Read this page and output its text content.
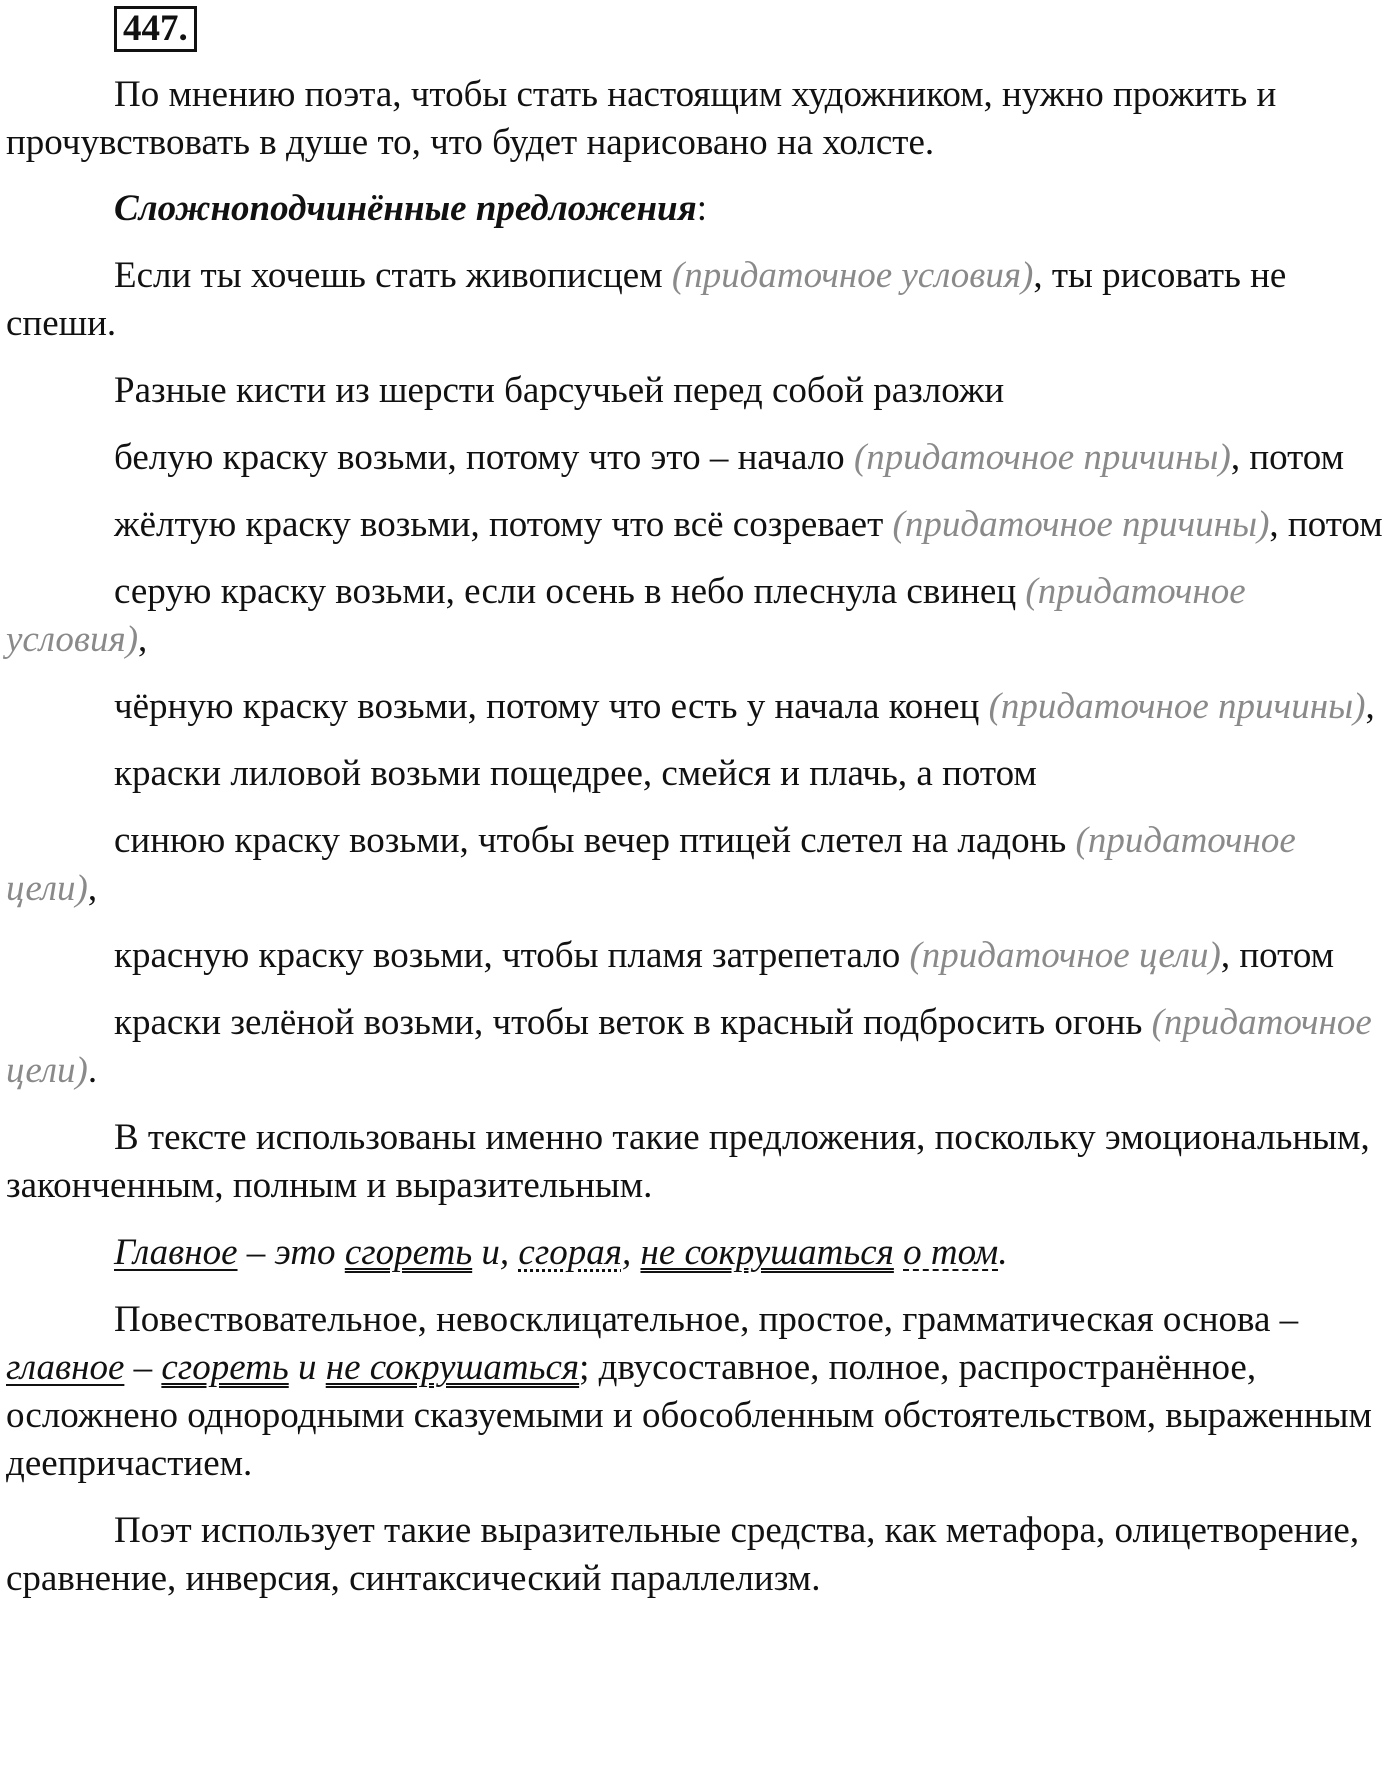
447.

По мнению поэта, чтобы стать настоящим художником, нужно прожить и прочувствовать в душе то, что будет нарисовано на холсте.

Сложноподчинённые предложения:

Если ты хочешь стать живописцем (придаточное условия), ты рисовать не спеши.

Разные кисти из шерсти барсучьей перед собой разложи

белую краску возьми, потому что это – начало (придаточное причины), потом

жёлтую краску возьми, потому что всё созревает (придаточное причины), потом

серую краску возьми, если осень в небо плеснула свинец (придаточное условия),

чёрную краску возьми, потому что есть у начала конец (придаточное причины),

краски лиловой возьми пощедрее, смейся и плачь, а потом

синюю краску возьми, чтобы вечер птицей слетел на ладонь (придаточное цели),

красную краску возьми, чтобы пламя затрепетало (придаточное цели), потом

краски зелёной возьми, чтобы веток в красный подбросить огонь (придаточное цели).

В тексте использованы именно такие предложения, поскольку эмоциональным, законченным, полным и выразительным.

Главное – это сгореть и, сгорая, не сокрушаться о том.

Повествовательное, невосклицательное, простое, грамматическая основа – главное – сгореть и не сокрушаться; двусоставное, полное, распространённое, осложнено однородными сказуемыми и обособленным обстоятельством, выраженным деепричастием.

Поэт использует такие выразительные средства, как метафора, олицетворение, сравнение, инверсия, синтаксический параллелизм.
